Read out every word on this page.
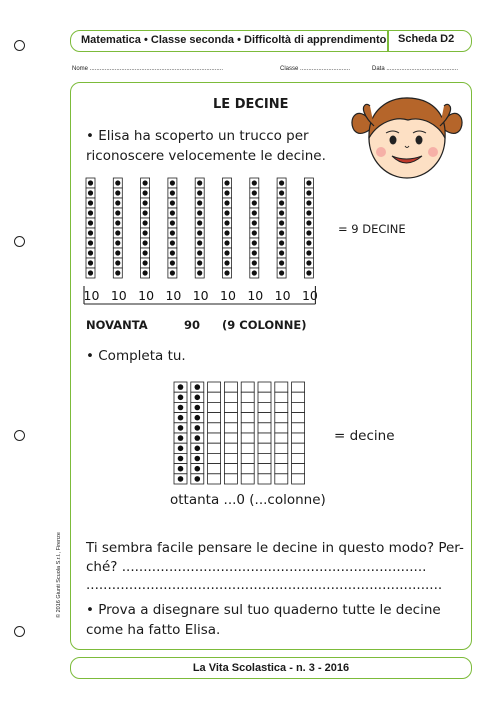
Matematica • Classe seconda • Difficoltà di apprendimento Scheda D2
Nome ................................................................................	Classe ..............................	Data ...........................................
LE DECINE
• Elisa ha scoperto un trucco per
riconoscere velocemente le decine.
10 10 10 10 10 10 10 10 10
= 9 DECINE
NOVANTA	90 (9 COLONNE)
• Completa tu.
= decine
ottanta ...0 (...colonne)
Ti sembra facile pensare le decine in questo modo? Per-
ché? .......................................................................
...................................................................................
• Prova a disegnare sul tuo quaderno tutte le decine
come ha fatto Elisa.
La Vita Scolastica - n. 3 - 2016
© 2016 Giunti Scuola S.r.l., Firenze
